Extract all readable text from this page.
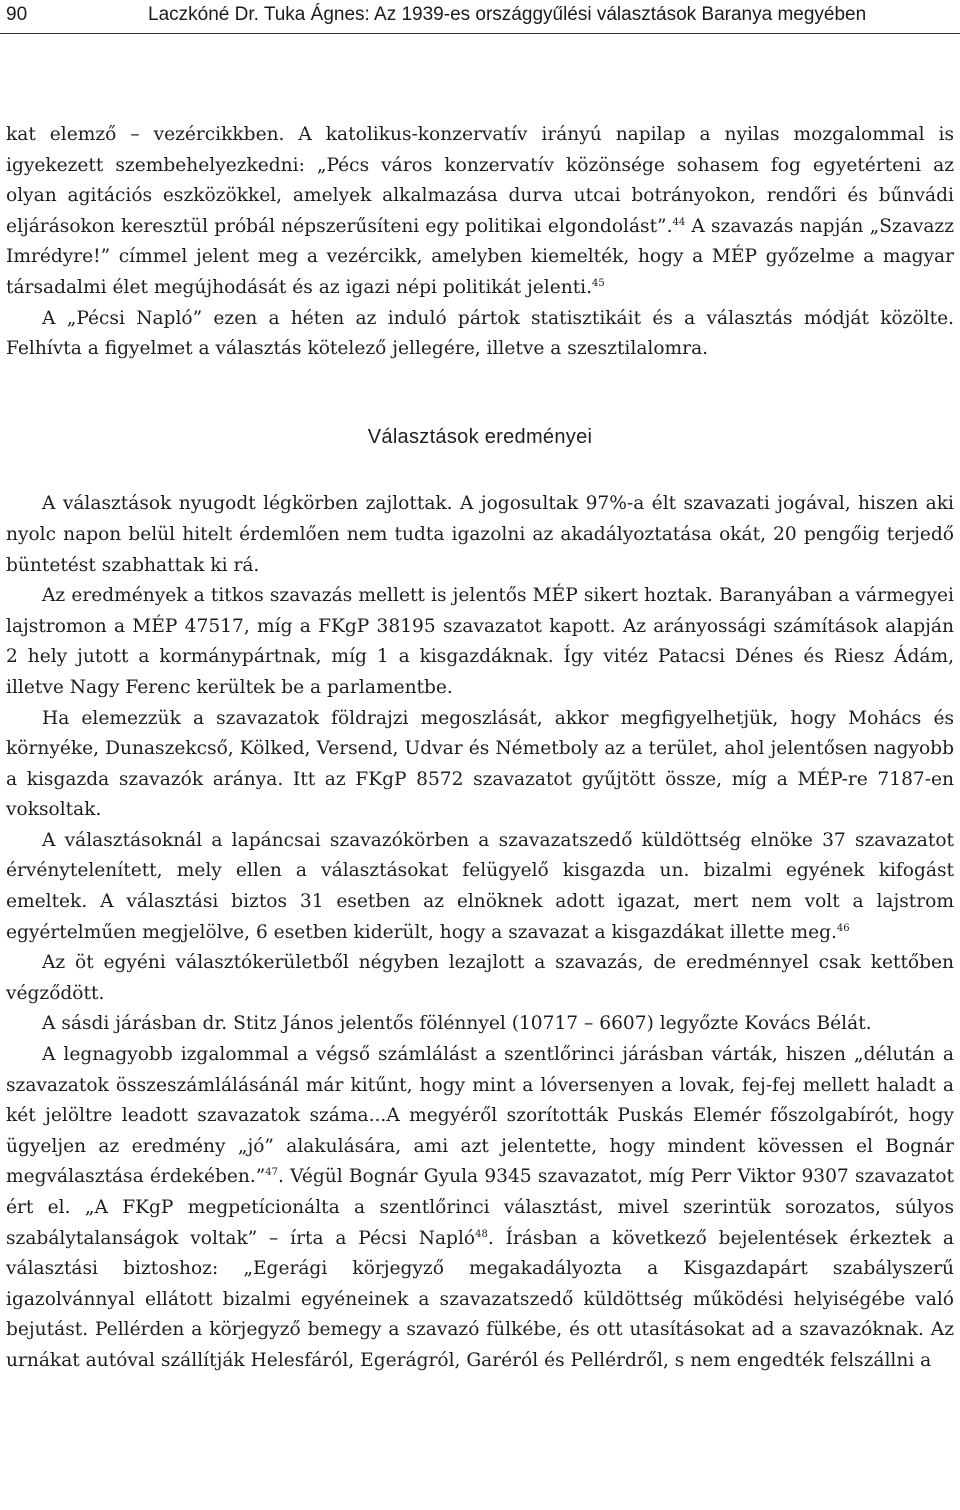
90	Laczkóné Dr. Tuka Ágnes: Az 1939-es országgyűlési választások Baranya megyében

kat elemző – vezércikkben. A katolikus-konzervatív irányú napilap a nyilas mozgalommal is igyekezett szembehelyezkedni: „Pécs város konzervatív közönsége sohasem fog egyetérteni az olyan agitációs eszközökkel, amelyek alkalmazása durva utcai botrányokon, rendőri és bűnvádi eljárásokon keresztül próbál népszerűsíteni egy politikai elgondolást”.$^{44}$ A szavazás napján „Szavazz Imrédyre!” címmel jelent meg a vezércikk, amelyben kiemelték, hogy a MÉP győzelme a magyar társadalmi élet megújhodását és az igazi népi politikát jelenti.$^{45}$

A „Pécsi Napló” ezen a héten az induló pártok statisztikáit és a választás módját közölte. Felhívta a figyelmet a választás kötelező jellegére, illetve a szesztilalomra.

Választások eredményei

A választások nyugodt légkörben zajlottak. A jogosultak 97%-a élt szavazati jogával, hiszen aki nyolc napon belül hitelt érdemlően nem tudta igazolni az akadályoztatása okát, 20 pengőig terjedő büntetést szabhattak ki rá.

Az eredmények a titkos szavazás mellett is jelentős MÉP sikert hoztak. Baranyában a vármegyei lajstromon a MÉP 47517, míg a FKgP 38195 szavazatot kapott. Az arányossági számítások alapján 2 hely jutott a kormánypártnak, míg 1 a kisgazdáknak. Így vitéz Patacsi Dénes és Riesz Ádám, illetve Nagy Ferenc kerültek be a parlamentbe.

Ha elemezzük a szavazatok földrajzi megoszlását, akkor megfigyelhetjük, hogy Mohács és környéke, Dunaszekcső, Kölked, Versend, Udvar és Németboly az a terület, ahol jelentősen nagyobb a kisgazda szavazók aránya. Itt az FKgP 8572 szavazatot gyűjtött össze, míg a MÉP-re 7187-en voksoltak.

A választásoknál a lapáncsai szavazókörben a szavazatszedő küldöttség elnöke 37 szavazatot érvénytelenített, mely ellen a választásokat felügyelő kisgazda un. bizalmi egyének kifogást emeltek. A választási biztos 31 esetben az elnöknek adott igazat, mert nem volt a lajstrom egyértelműen megjelölve, 6 esetben kiderült, hogy a szavazat a kisgazdákat illette meg.$^{46}$

Az öt egyéni választókerületből négyben lezajlott a szavazás, de eredménnyel csak kettőben végződött.

A sásdi járásban dr. Stitz János jelentős fölénnyel (10717 – 6607) legyőzte Kovács Bélát.

A legnagyobb izgalommal a végső számlálást a szentlőrinci járásban várták, hiszen „délután a szavazatok összeszámlálásánál már kitűnt, hogy mint a lóversenyen a lovak, fej-fej mellett haladt a két jelöltre leadott szavazatok száma...A megyéről szorították Puskás Elemér főszolgabírót, hogy ügyeljen az eredmény „jó” alakulására, ami azt jelentette, hogy mindent kövessen el Bognár megválasztása érdekében.”$^{47}$. Végül Bognár Gyula 9345 szavazatot, míg Perr Viktor 9307 szavazatot ért el. „A FKgP megpetícionálta a szentlőrinci választást, mivel szerintük sorozatos, súlyos szabálytalanságok voltak” – írta a Pécsi Napló$^{48}$. Írásban a következő bejelentések érkeztek a választási biztoshoz: „Egerági körjegyző megakadályozta a Kisgazdapárt szabályszerű igazolvánnyal ellátott bizalmi egyéneinek a szavazatszedő küldöttség működési helyiségébe való bejutást. Pellérden a körjegyző bemegy a szavazó fülkébe, és ott utasításokat ad a szavazóknak. Az urnákat autóval szállítják Helesfáról, Egerágról, Garéról és Pellérdről, s nem engedték felszállni a
